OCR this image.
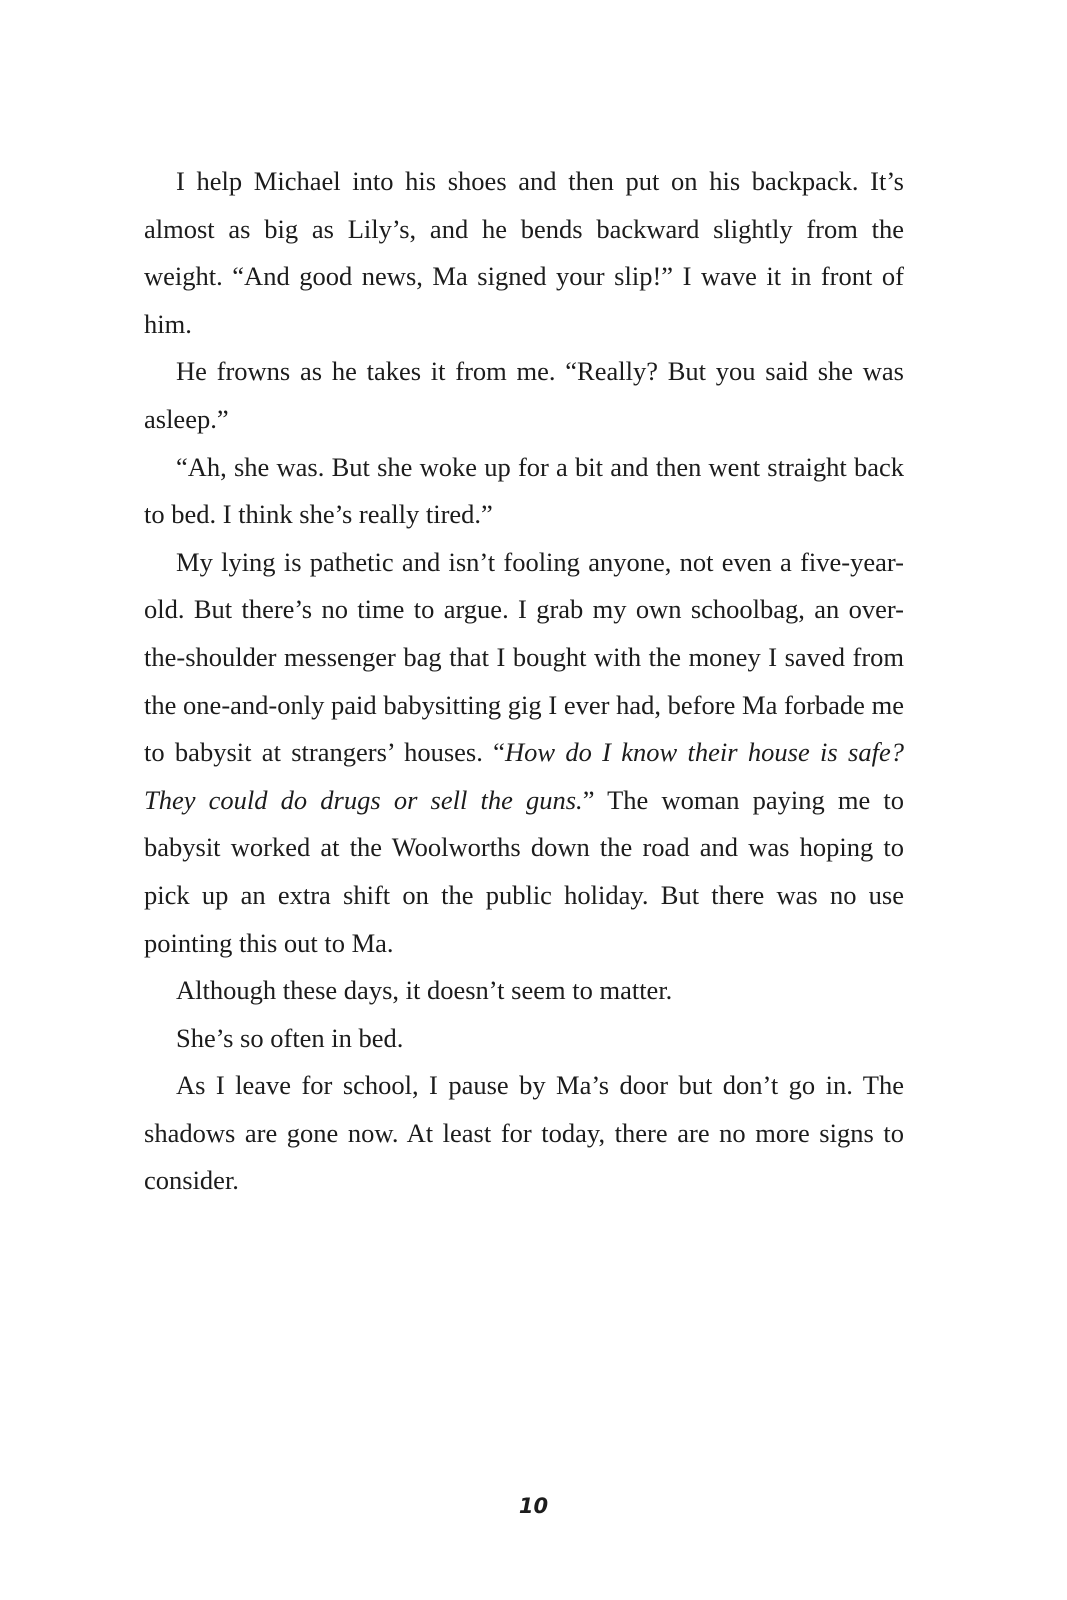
I help Michael into his shoes and then put on his backpack. It’s almost as big as Lily’s, and he bends backward slightly from the weight. “And good news, Ma signed your slip!” I wave it in front of him.

He frowns as he takes it from me. “Really? But you said she was asleep.”

“Ah, she was. But she woke up for a bit and then went straight back to bed. I think she’s really tired.”

My lying is pathetic and isn’t fooling anyone, not even a five-year-old. But there’s no time to argue. I grab my own schoolbag, an over-the-shoulder messenger bag that I bought with the money I saved from the one-and-only paid babysitting gig I ever had, before Ma forbade me to babysit at strangers’ houses. “How do I know their house is safe? They could do drugs or sell the guns.” The woman paying me to babysit worked at the Woolworths down the road and was hoping to pick up an extra shift on the public holiday. But there was no use pointing this out to Ma.

Although these days, it doesn’t seem to matter.

She’s so often in bed.

As I leave for school, I pause by Ma’s door but don’t go in. The shadows are gone now. At least for today, there are no more signs to consider.

10
